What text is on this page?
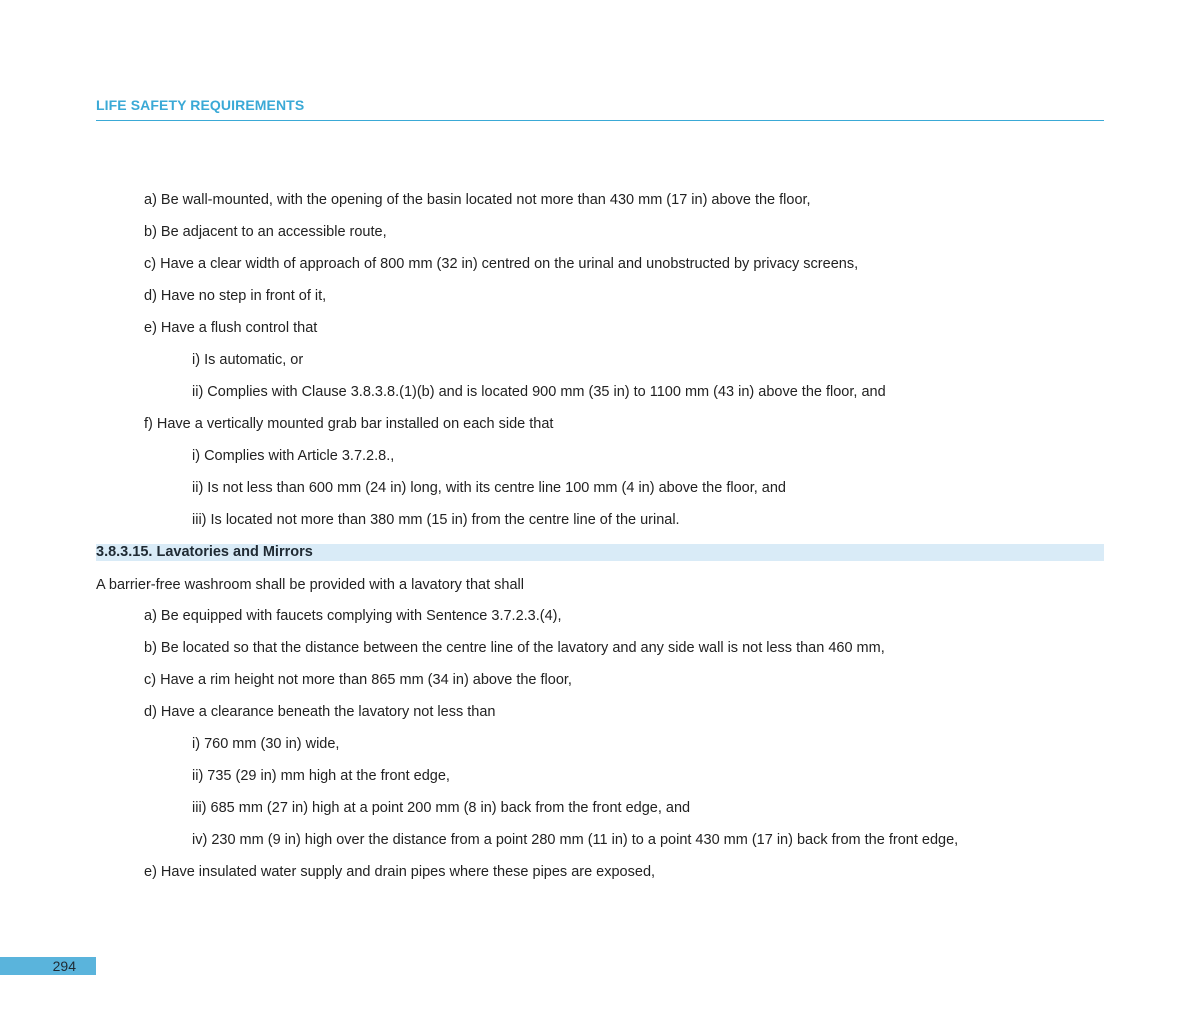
LIFE SAFETY REQUIREMENTS
a) Be wall-mounted, with the opening of the basin located not more than 430 mm (17 in) above the floor,
b) Be adjacent to an accessible route,
c) Have a clear width of approach of 800 mm (32 in) centred on the urinal and unobstructed by privacy screens,
d) Have no step in front of it,
e) Have a flush control that
i) Is automatic, or
ii) Complies with Clause 3.8.3.8.(1)(b) and is located 900 mm (35 in) to 1100 mm (43 in) above the floor, and
f) Have a vertically mounted grab bar installed on each side that
i) Complies with Article 3.7.2.8.,
ii) Is not less than 600 mm (24 in) long, with its centre line 100 mm (4 in) above the floor, and
iii) Is located not more than 380 mm (15 in) from the centre line of the urinal.
3.8.3.15. Lavatories and Mirrors
A barrier-free washroom shall be provided with a lavatory that shall
a) Be equipped with faucets complying with Sentence 3.7.2.3.(4),
b) Be located so that the distance between the centre line of the lavatory and any side wall is not less than 460 mm,
c) Have a rim height not more than 865 mm (34 in) above the floor,
d) Have a clearance beneath the lavatory not less than
i) 760 mm (30 in) wide,
ii) 735 (29 in) mm high at the front edge,
iii) 685 mm (27 in) high at a point 200 mm (8 in) back from the front edge, and
iv) 230 mm (9 in) high over the distance from a point 280 mm (11 in) to a point 430 mm (17 in) back from the front edge,
e) Have insulated water supply and drain pipes where these pipes are exposed,
294
